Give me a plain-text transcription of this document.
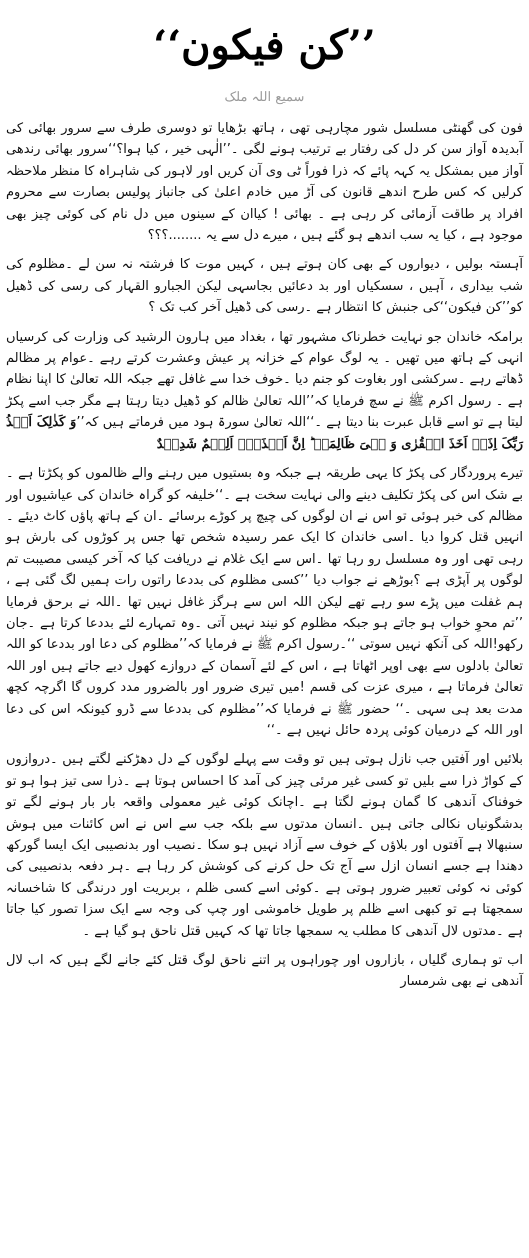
’’کن فیکون‘‘
سمیع اللہ ملک

فون کی گھنٹی مسلسل شور مچارہی تھی ، ہاتھ بڑھایا تو دوسری طرف سے سرور بھائی کی آبدیدہ آواز سن کر دل کی رفتار بے ترتیب ہونے لگی ۔’’الٰہی خیر ، کیا ہوا؟‘‘سرور بھائی رندھی آواز میں بمشکل یہ کہہ پائے کہ ذرا فوراً ٹی وی آن کریں اور لاہور کی شاہراہ کا منظر ملاحظہ کرلیں کہ کس طرح اندھے قانون کی آڑ میں خادم اعلیٰ کی جانباز پولیس بصارت سے محروم افراد پر طاقت آزمائی کر رہی ہے ۔ بھائی ! کیاان کے سینوں میں دل نام کی کوئی چیز بھی موجود ہے ، کیا یہ سب اندھے ہو گئے ہیں ، میرے دل سے یہ ........؟؟؟

آہستہ بولیں ، دیواروں کے بھی کان ہوتے ہیں ، کہیں موت کا فرشتہ نہ سن لے ۔مظلوم کی شب بیداری ، آہیں ، سسکیاں اور بد دعائیں بجاسہی لیکن الجبارو القہار کی رسی کی ڈھیل کو’’کن فیکون‘‘کی جنبش کا انتظار ہے ۔رسی کی ڈھیل آخر کب تک ؟

برامکہ خاندان جو نہایت خطرناک مشہور تھا ، بغداد میں ہارون الرشید کی وزارت کی کرسیاں انہی کے ہاتھ میں تھیں ۔ یہ لوگ عوام کے خزانہ پر عیش وعشرت کرتے رہے ۔عوام پر مظالم ڈھاتے رہے ۔سرکشی اور بغاوت کو جنم دیا ۔خوف خدا سے غافل تھے جبکہ اللہ تعالیٰ کا اپنا نظام ہے ۔ رسول اکرم ﷺ نے سچ فرمایا کہ’’اللہ تعالیٰ ظالم کو ڈھیل دیتا رہتا ہے مگر جب اسے پکڑ لیتا ہے تو اسے قابل عبرت بنا دیتا ہے ۔‘‘اللہ تعالیٰ سورۃ ہود میں فرماتے ہیں کہ’’وَ کَذٰلِکَ اَخۡذُ رَبِّکَ اِذَاۤ اَخَذَ الۡقُرٰی وَ ہِیَ ظَالِمَۃٌ ؕ اِنَّ اَخۡذَہٗۤ اَلِیۡمٌ شَدِیۡدٌ

تیرے پروردگار کی پکڑ کا یہی طریقہ ہے جبکہ وہ بستیوں میں رہنے والے ظالموں کو پکڑتا ہے ۔بے شک اس کی پکڑ تکلیف دینے والی نہایت سخت ہے ۔‘‘خلیفہ کو گراہ خاندان کی عیاشیوں اور مظالم کی خبر ہوئی تو اس نے ان لوگوں کی چیچ پر کوڑے برسائے ۔ان کے ہاتھ پاؤں کاٹ دیئے ۔انہیں قتل کروا دیا ۔اسی خاندان کا ایک عمر رسیدہ شخص تھا جس پر کوڑوں کی بارش ہو رہی تھی اور وہ مسلسل رو رہا تھا ۔اس سے ایک غلام نے دریافت کیا کہ آخر کیسی مصیبت تم لوگوں پر آپڑی ہے ؟بوڑھے نے جواب دیا ’’کسی مظلوم کی بددعا راتوں رات ہمیں لگ گئی ہے ، ہم غفلت میں پڑے سو رہے تھے لیکن اللہ اس سے ہرگز غافل نہیں تھا ۔اللہ نے برحق فرمایا ’’تم محوِ خواب ہو جاتے ہو جبکہ مظلوم کو نیند نہیں آتی ۔وہ تمہارے لئے بددعا کرتا ہے ۔جان رکھو!اللہ کی آنکھ نہیں سوتی ‘‘۔رسول اکرم ﷺ نے فرمایا کہ’’مظلوم کی دعا اور بددعا کو اللہ تعالیٰ بادلوں سے بھی اوپر اٹھاتا ہے ، اس کے لئے آسمان کے دروازے کھول دیے جاتے ہیں اور اللہ تعالیٰ فرماتا ہے ، میری عزت کی قسم !میں تیری ضرور اور بالضرور مدد کروں گا اگرچہ کچھ مدت بعد ہی سہی ۔‘‘ حضور ﷺ نے فرمایا کہ’’مظلوم کی بددعا سے ڈرو کیونکہ اس کی دعا اور اللہ کے درمیان کوئی پردہ حائل نہیں ہے ۔‘‘

بلائیں اور آفتیں جب نازل ہوتی ہیں تو وقت سے پہلے لوگوں کے دل دھڑکنے لگتے ہیں ۔دروازوں کے کواڑ ذرا سے بلیں تو کسی غیر مرئی چیز کی آمد کا احساس ہوتا ہے ۔ذرا سی تیز ہوا ہو تو خوفناک آندھی کا گمان ہونے لگتا ہے ۔اچانک کوئی غیر معمولی واقعہ بار بار ہونے لگے تو بدشگونیاں نکالی جاتی ہیں ۔انسان مدتوں سے بلکہ جب سے اس نے اس کائنات میں ہوش سنبھالا ہے آفتوں اور بلاؤں کے خوف سے آزاد نہیں ہو سکا ۔نصیب اور بدنصیبی ایک ایسا گورکھ دھندا ہے جسے انسان ازل سے آج تک حل کرنے کی کوشش کر رہا ہے ۔ہر دفعہ بدنصیبی کی کوئی نہ کوئی تعبیر ضرور ہوتی ہے ۔کوئی اسے کسی ظلم ، بربریت اور درندگی کا شاخسانہ سمجھتا ہے تو کبھی اسے ظلم پر طویل خاموشی اور چپ کی وجہ سے ایک سزا تصور کیا جاتا ہے ۔مدتوں لال آندھی کا مطلب یہ سمجھا جاتا تھا کہ کہیں قتل ناحق ہو گیا ہے ۔

اب تو ہماری گلیاں ، بازاروں اور چوراہوں پر اتنے ناحق لوگ قتل کئے جانے لگے ہیں کہ اب لال آندھی نے بھی شرمسار
